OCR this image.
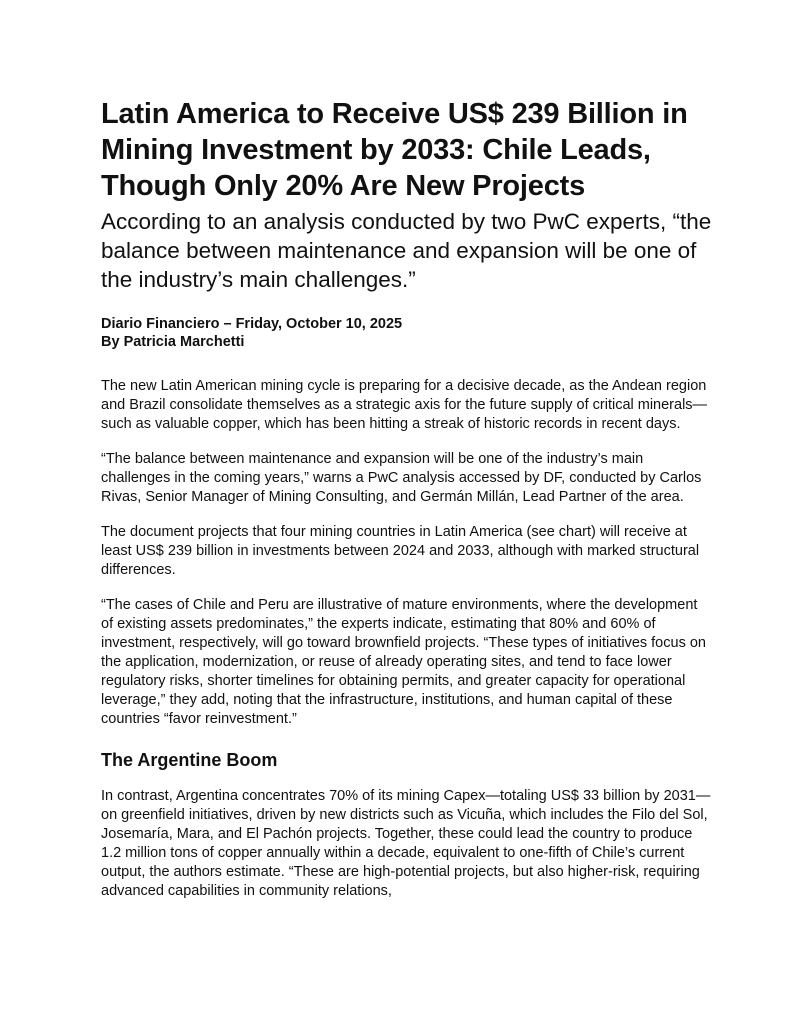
Latin America to Receive US$ 239 Billion in Mining Investment by 2033: Chile Leads, Though Only 20% Are New Projects
According to an analysis conducted by two PwC experts, “the balance between maintenance and expansion will be one of the industry’s main challenges.”
Diario Financiero – Friday, October 10, 2025
By Patricia Marchetti

The new Latin American mining cycle is preparing for a decisive decade, as the Andean region and Brazil consolidate themselves as a strategic axis for the future supply of critical minerals—such as valuable copper, which has been hitting a streak of historic records in recent days.

“The balance between maintenance and expansion will be one of the industry’s main challenges in the coming years,” warns a PwC analysis accessed by DF, conducted by Carlos Rivas, Senior Manager of Mining Consulting, and Germán Millán, Lead Partner of the area.

The document projects that four mining countries in Latin America (see chart) will receive at least US$ 239 billion in investments between 2024 and 2033, although with marked structural differences.

“The cases of Chile and Peru are illustrative of mature environments, where the development of existing assets predominates,” the experts indicate, estimating that 80% and 60% of investment, respectively, will go toward brownfield projects. “These types of initiatives focus on the application, modernization, or reuse of already operating sites, and tend to face lower regulatory risks, shorter timelines for obtaining permits, and greater capacity for operational leverage,” they add, noting that the infrastructure, institutions, and human capital of these countries “favor reinvestment.”

The Argentine Boom

In contrast, Argentina concentrates 70% of its mining Capex—totaling US$ 33 billion by 2031—on greenfield initiatives, driven by new districts such as Vicuña, which includes the Filo del Sol, Josemaría, Mara, and El Pachón projects. Together, these could lead the country to produce 1.2 million tons of copper annually within a decade, equivalent to one-fifth of Chile’s current output, the authors estimate. “These are high-potential projects, but also higher-risk, requiring advanced capabilities in community relations,
